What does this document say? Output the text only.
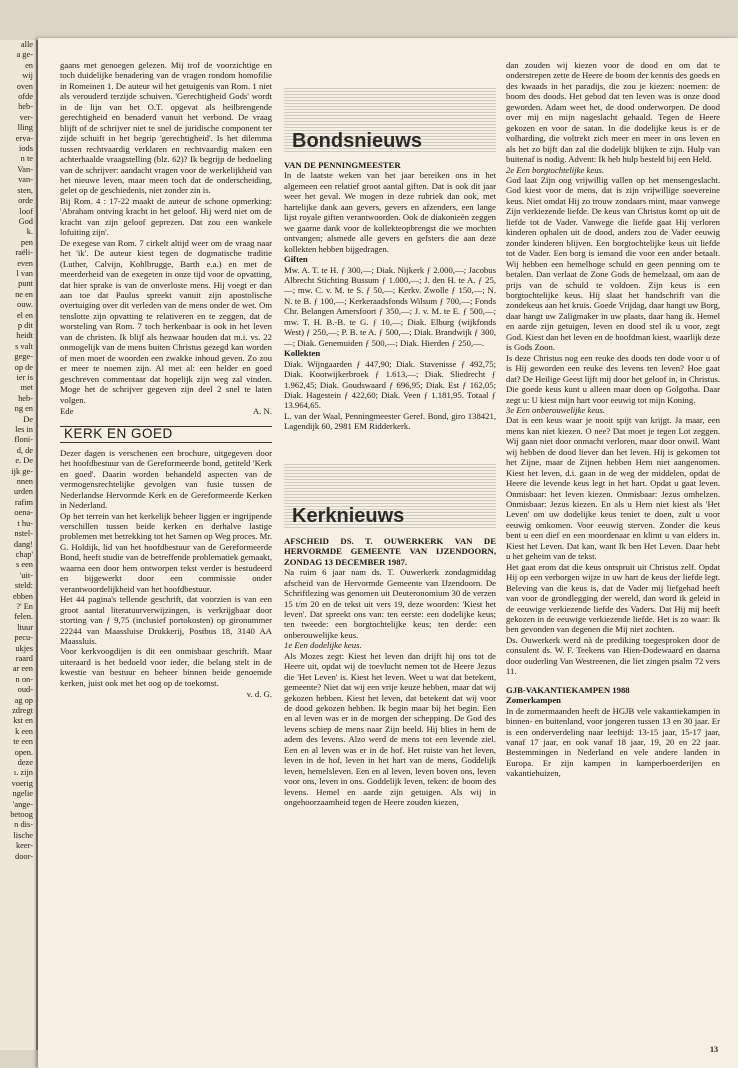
alle
a ge-
en
wij
oven
ofde
heb-
ver-
lling
erva-
iods
n te
Van-
van-
sten,
orde
loof
God
k.
pen
raëli-
even
l van
punt
ne en
ouw.
el en
p dit
heidt
s valt
gege-
op de
ier is
met
heb-
ng en
De
les in
floni-
d, de
e. De
ijk ge-
nnen
urden
rafim
oena-
t hu-
nstel-
dang!
chap'
s een
'uit-
steld:
ebben
?' En
felen.
ltuur
pecu-
ukjes
raard
ar een
n on-
oud-
ag op
zdregt
kst en
k een
te een
open.
deze
ı. zijn
voerig
ngelie
'ange-
betoog
n dis-
lische
keer-
door-

gaans met genoegen gelezen. Mij trof de voorzichtige en toch duidelijke benadering van de vragen rondom homofilie in Romeinen 1. De auteur wil het getuigenis van Rom. 1 niet als verouderd terzijde schuiven. 'Gerechtigheid Gods' wordt in de lijn van het O.T. opgevat als heilbrengende gerechtigheid en benaderd vanuit het verbond. De vraag blijft of de schrijver niet te snel de juridische component ter zijde schuift in het begrip 'gerechtigheid'. Is het dilemma tussen rechtvaardig verklaren en rechtvaardig maken een achterhaalde vraagstelling (blz. 62)? Ik begrijp de bedoeling van de schrijver: aandacht vragen voor de werkelijkheid van het nieuwe leven, maar meen toch dat de onderscheiding, gelet op de geschiedenis, niet zonder zin is.

Bij Rom. 4 : 17-22 maakt de auteur de schone opmerking: 'Abraham ontving kracht in het geloof. Hij werd niet om de kracht van zijn geloof geprezen. Dat zou een wankele lofuiting zijn'.

De exegese van Rom. 7 cirkelt altijd weer om de vraag naar het 'ik'. De auteur kiest tegen de dogmatische traditie (Luther, Calvijn, Kohlbrugge, Barth e.a.) en met de meerderheid van de exegeten in onze tijd voor de opvatting, dat hier sprake is van de onverloste mens. Hij voegt er dan aan toe dat Paulus spreekt vanuit zijn apostolische overtuiging over dit verleden van de mens onder de wet. Om tenslotte zijn opvatting te relativeren en te zeggen, dat de worsteling van Rom. 7 toch herkenbaar is ook in het leven van de christen. Ik blijf als hezwaar houden dat m.i. vs. 22 onmogelijk van de mens buiten Christus gezegd kan worden of men moet de woorden een zwakke inhoud geven. Zo zou er meer te noemen zijn. Al met al: een helder en goed geschreven commentaar dat hopelijk zijn weg zal vinden. Moge het de schrijver gegeven zijn deel 2 snel te laten volgen.

Ede	A. N.
KERK EN GOED

Dezer dagen is verschenen een brochure, uitgegeven door het hoofdbestuur van de Gereformeerde bond, getiteld 'Kerk en goed'. Daarin worden behandeld aspecten van de vermogensrechtelijke gevolgen van fusie tussen de Nederlandse Hervormde Kerk en de Gereformeerde Kerken in Nederland.

Op het terrein van het kerkelijk beheer liggen er ingrijpende verschillen tussen beide kerken en derhalve lastige problemen met betrekking tot het Samen op Weg proces. Mr. G. Holdijk, lid van het hoofdbestuur van de Gereformeerde Bond, heeft studie van de betreffende problematiek gemaakt, waarna een door hem ontworpen tekst verder is bestudeerd en bijgewerkt door een commissie onder verantwoordelijkheid van het hoofdbestuur.

Het 44 pagina's tellende geschrift, dat voorzien is van een groot aantal literatuurverwijzingen, is verkrijgbaar door storting van ƒ 9,75 (inclusief portokosten) op gironummer 22244 van Maassluise Drukkerij, Postbus 18, 3140 AA Maassluis.

Voor kerkvoogdijen is dit een onmisbaar geschrift. Maar uiteraard is het bedoeld voor ieder, die belang stelt in de kwestie van bestuur en beheer binnen beide genoemde kerken, juist ook met het oog op de toekomst.

v. d. G.
Bondsnieuws

VAN DE PENNINGMEESTER

In de laatste weken van het jaar bereiken ons in het algemeen een relatief groot aantal giften. Dat is ook dit jaar weer het geval. We mogen in deze rubriek dan ook, met hartelijke dank aan gevers, gevers en afzenders, een lange lijst royale giften verantwoorden. Ook de diakonieën zeggen we gaarne dank voor de kollekteopbrengst die we mochten ontvangen; alsmede alle gevers en gefsters die aan deze kollekten hebben bijgedragen.

Giften

Mw. A. T. te H. ƒ 300,—; Diak. Nijkerk ƒ 2.000,—; Jacobus Albrecht Stichting Bussum ƒ 1.000,—; J. den H. te A. ƒ 25,—; mw. C. v. M. te S. ƒ 50,—; Kerkv. Zwolle ƒ 150,—; N. N. te B. ƒ 100,—; Kerkeraadsfonds Wilsum ƒ 700,—; Fonds Chr. Belangen Amersfoort ƒ 350,—; J. v. M. te E. ƒ 500,—; mw. T. H. B.-B. te G. ƒ 10,—; Diak. Elburg (wijkfonds West) ƒ 250,—; P. B. te A. ƒ 500,—; Diak. Brandwijk ƒ 300,—; Diak. Genemuiden ƒ 500,—; Diak. Hierden ƒ 250,—.

Kollekten

Diak. Wijngaarden ƒ 447,90; Diak. Stavenisse ƒ 492,75; Diak. Kootwijkerbroek ƒ 1.613,—; Diak. Sliedrecht ƒ 1.962,45; Diak. Goudswaard ƒ 696,95; Diak. Est ƒ 162,05; Diak. Hagestein ƒ 422,60; Diak. Veen ƒ 1.181,95. Totaal ƒ 13.964,65.

L. van der Waal, Penningmeester Geref. Bond, giro 138421, Lagendijk 60, 2981 EM Ridderkerk.

Kerknieuws

AFSCHEID DS. T. OUWERKERK VAN DE HERVORMDE GEMEENTE VAN IJZENDOORN, ZONDAG 13 DECEMBER 1987.

Na ruim 6 jaar nam ds. T. Ouwerkerk zondagmiddag afscheid van de Hervormde Gemeente van IJzendoorn. De Schriftlezing was genomen uit Deuteronomium 30 de verzen 15 t/m 20 en de tekst uit vers 19, deze woorden: 'Kiest het leven'. Dat spreekt ons van: ten eerste: een dodelijke keus; ten tweede: een borgtochtelijke keus; ten derde: een onberouwelijke keus.

1e Een dodelijke keus.

Als Mozes zegt: Kiest het leven dan drijft hij ons tot de Heere uit, opdat wij de toevlucht nemen tot de Heere Jezus die 'Het Leven' is. Kiest het leven. Weet u wat dat betekent, gemeente? Niet dat wij een vrije keuze hebben, maar dat wij gekozen hebben. Kiest het leven, dat betekent dat wij voor de dood gekozen hebben. Ik begin maar bij het begin. Een en al leven was er in de morgen der schepping. De God des levens schiep de mens naar Zijn beeld. Hij blies in hem de adem des levens. Alzo werd de mens tot een levende ziel. Een en al leven was er in de hof. Het ruiste van het leven, leven in de hof, leven in het hart van de mens, Goddelijk leven, hemelsleven. Een en al leven, leven boven ons, leven voor ons, leven in ons. Goddelijk leven, teken: de boom des levens. Hemel en aarde zijn getuigen. Als wij in ongehoorzaamheid tegen de Heere zouden kiezen,

dan zouden wij kiezen voor de dood en om dat te onderstrepen zette de Heere de boom der kennis des goeds en des kwaads in het paradijs, die zou je kiezen: noemen: de boom des doods. Het gebod dat ten leven was is onze dood geworden. Adam weet het, de dood onderworpen. De dood over mij en mijn nageslacht gehaald. Tegen de Heere gekozen en voor de satan. In die dodelijke keus is er de volharding, die voltrekt zich meer en meer in ons leven en als het zo bijft dan zal die dodelijk blijken te zijn. Hulp van buitenaf is nodig. Advent: Ik heb hulp besteld bij een Held.

2e Een borgtochtelijke keus.

God laat Zijn oog vrijwillig vallen op het mensengeslacht. God kiest voor de mens, dat is zijn vrijwillige soevereine keus. Niet omdat Hij zo trouw zondaars mint, maar vanwege Zijn verkiezende liefde. De keus van Christus komt op uit de liefde tot de Vader. Vanwege die liefde gaat Hij verloren kinderen ophalen uit de dood, anders zou de Vader eeuwig zonder kinderen blijven. Een borgtochtelijke keus uit liefde tot de Vader. Een borg is iemand die voor een ander betaalt. Wij hebben een hemelhoge schuld en geen penning om te betalen. Dan verlaat de Zone Gods de hemelzaal, om aan de prijs van de schuld te voldoen. Zijn keus is een borgtochtelijke keus. Hij slaat het handschrift van die zondekeus aan het kruis. Goede Vrijdag, daar hangt uw Borg, daar hangt uw Zaligmaker in uw plaats, daar hang ik. Hemel en aarde zijn getuigen, leven en dood stel ik u voor, zegt God. Kiest dan het leven en de hoofdman kiest, waarlijk deze is Gods Zoon.

Is deze Christus nog een reuke des doods ten dode voor u of is Hij geworden een reuke des levens ten leven? Hoe gaat dat? De Heilige Geest lijft mij door het geloof in, in Christus. Die goede keus kunt u alleen maar doen op Golgotha. Daar zegt u: U kiest mijn hart voor eeuwig tot mijn Koning.

3e Een onberouwelijke keus.

Dat is een keus waar je nooit spijt van krijgt. Ja maar, een mens kan niet kiezen. O nee? Dat moet je tegen Lot zeggen. Wij gaan niet door onmacht verloren, maar door onwil. Want wij hebben de dood liever dan het leven. Hij is gekomen tot het Zijne, maar de Zijnen hebben Hem niet aangenomen. Kiest het leven, d.i. gaan in de weg der middelen, opdat de Heere die levende keus legt in het hart. Opdat u gaat leven. Onmisbaar: het leven kiezen. Onmisbaar: Jezus omhelzen. Onmisbaar: Jezus kiezen. En als u Hem niet kiest als 'Het Leven' om uw dodelijke keus teniet te doen, zult u voor eeuwig omkomen. Voor eeuwig sterven. Zonder die keus bent u een dief en een moordenaar en klimt u van elders in. Kiest het Leven. Dat kan, want Ik ben Het Leven. Daar hebt u het geheim van de tekst.

Het gaat erom dat die keus ontspruit uit Christus zelf. Opdat Hij op een verborgen wijze in uw hart de keus der liefde legt. Beleving van die keus is, dat de Vader mij liefgehad heeft van voor de grondlegging der wereld, dan word ik geleid in de eeuwige verkiezende liefde des Vaders. Dat Hij mij heeft gekozen in de eeuwige verkiezende liefde. Het is zo waar: Ik ben gevonden van degenen die Mij niet zochten.

Ds. Ouwerkerk werd nà de prediking toegesproken door de consulent ds. W. F. Teekens van Hien-Dodewaard en daarna door ouderling Van Westreenen, die liet zingen psalm 72 vers 11.

GJB-VAKANTIEKAMPEN 1988

Zomerkampen

In de zomermaanden heeft de HGJB vele vakantiekampen in binnen- en buitenland, voor jongeren tussen 13 en 30 jaar. Er is een onderverdeling naar leeftijd: 13-15 jaar, 15-17 jaar, vanaf 17 jaar, en ook vanaf 18 jaar, 19, 20 en 22 jaar. Bestemmingen in Nederland en vele andere landen in Europa. Er zijn kampen in kamperboerderijen en vakantiehuizen,

13
